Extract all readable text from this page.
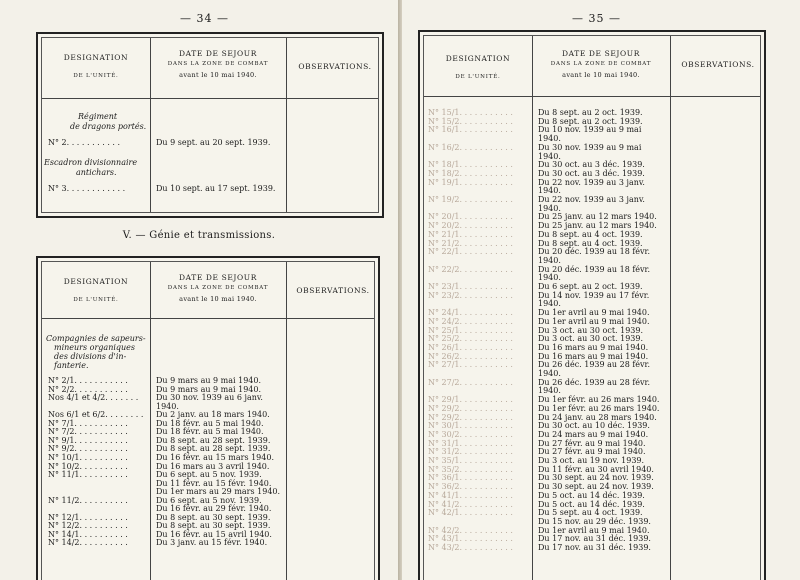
— 34 —
DESIGNATION
DE L'UNITÉ.
DATE DE SEJOUR
DANS LA ZONE DE COMBAT
avant le 10 mai 1940.
OBSERVATIONS.
Régiment
de dragons portés.
N° 2. . . . . . . . . . .	Du 9 sept. au 20 sept. 1939.
Escadron divisionnaire
antichars.
N° 3. . . . . . . . . . . .	Du 10 sept. au 17 sept. 1939.
V. — Génie et transmissions.
DESIGNATION
DE L'UNITÉ.
DATE DE SEJOUR
DANS LA ZONE DE COMBAT
avant le 10 mai 1940.
OBSERVATIONS.
Compagnies de sapeurs-
mineurs organiques
des divisions d'in-
fanterie.
N° 2/1. . . . . . . . . . .	Du 9 mars au 9 mai 1940.
N° 2/2. . . . . . . . . . .	Du 9 mars au 9 mai 1940.
Nos 4/1 et 4/2. . . . . . . Du 30 nov. 1939 au 6 janv.
1940.
Nos 6/1 et 6/2. . . . . . . . Du 2 janv. au 18 mars 1940.
N° 7/1. . . . . . . . . . .	Du 18 févr. au 5 mai 1940.
N° 7/2. . . . . . . . . . .	Du 18 févr. au 5 mai 1940.
N° 9/1. . . . . . . . . . .	Du 8 sept. au 28 sept. 1939.
N° 9/2. . . . . . . . . . .	Du 8 sept. au 28 sept. 1939.
N° 10/1. . . . . . . . . .	Du 16 févr. au 15 mars 1940.
N° 10/2. . . . . . . . . .	Du 16 mars au 3 avril 1940.
N° 11/1. . . . . . . . . .	Du 6 sept. au 5 nov. 1939.
Du 11 févr. au 15 févr. 1940.
Du 1er mars au 29 mars 1940.
N° 11/2. . . . . . . . . .	Du 6 sept. au 5 nov. 1939.
Du 16 févr. au 29 févr. 1940.
N° 12/1. . . . . . . . . .	Du 8 sept. au 30 sept. 1939.
N° 12/2. . . . . . . . . .	Du 8 sept. au 30 sept. 1939.
N° 14/1. . . . . . . . . .	Du 16 févr. au 15 avril 1940.
N° 14/2. . . . . . . . . .	Du 3 janv. au 15 févr. 1940.
— 35 —
DESIGNATION
DE L'UNITÉ.
DATE DE SEJOUR
DANS LA ZONE DE COMBAT
avant le 10 mai 1940.
OBSERVATIONS.
N° 15/1. . . . . . . . . . .	Du 8 sept. au 2 oct. 1939.
N° 15/2. . . . . . . . . . .	Du 8 sept. au 2 oct. 1939.
N° 16/1. . . . . . . . . . .	Du 10 nov. 1939 au 9 mai
1940.
N° 16/2. . . . . . . . . . .	Du 30 nov. 1939 au 9 mai
1940.
N° 18/1. . . . . . . . . . .	Du 30 oct. au 3 déc. 1939.
N° 18/2. . . . . . . . . . .	Du 30 oct. au 3 déc. 1939.
N° 19/1. . . . . . . . . . .	Du 22 nov. 1939 au 3 janv.
1940.
N° 19/2. . . . . . . . . . .	Du 22 nov. 1939 au 3 janv.
1940.
N° 20/1. . . . . . . . . . .	Du 25 janv. au 12 mars 1940.
N° 20/2. . . . . . . . . . .	Du 25 janv. au 12 mars 1940.
N° 21/1. . . . . . . . . . .	Du 8 sept. au 4 oct. 1939.
N° 21/2. . . . . . . . . . .	Du 8 sept. au 4 oct. 1939.
N° 22/1. . . . . . . . . . .	Du 20 déc. 1939 au 18 févr.
1940.
N° 22/2. . . . . . . . . . .	Du 20 déc. 1939 au 18 févr.
1940.
N° 23/1. . . . . . . . . . .	Du 6 sept. au 2 oct. 1939.
N° 23/2. . . . . . . . . . .	Du 14 nov. 1939 au 17 févr.
1940.
N° 24/1. . . . . . . . . . .	Du 1er avril au 9 mai 1940.
N° 24/2. . . . . . . . . . .	Du 1er avril au 9 mai 1940.
N° 25/1. . . . . . . . . . .	Du 3 oct. au 30 oct. 1939.
N° 25/2. . . . . . . . . . .	Du 3 oct. au 30 oct. 1939.
N° 26/1. . . . . . . . . . .	Du 16 mars au 9 mai 1940.
N° 26/2. . . . . . . . . . .	Du 16 mars au 9 mai 1940.
N° 27/1. . . . . . . . . . .	Du 26 déc. 1939 au 28 févr.
1940.
N° 27/2. . . . . . . . . . .	Du 26 déc. 1939 au 28 févr.
1940.
N° 29/1. . . . . . . . . . .	Du 1er févr. au 26 mars 1940.
N° 29/2. . . . . . . . . . .	Du 1er févr. au 26 mars 1940.
N° 29/2. . . . . . . . . . .	Du 24 janv. au 28 mars 1940.
N° 30/1. . . . . . . . . . .	Du 30 oct. au 10 déc. 1939.
N° 30/2. . . . . . . . . . .	Du 24 mars au 9 mai 1940.
N° 31/1. . . . . . . . . . .	Du 27 févr. au 9 mai 1940.
N° 31/2. . . . . . . . . . .	Du 27 févr. au 9 mai 1940.
N° 35/1. . . . . . . . . . .	Du 3 oct. au 19 nov. 1939.
N° 35/2. . . . . . . . . . .	Du 11 févr. au 30 avril 1940.
N° 36/1. . . . . . . . . . .	Du 30 sept. au 24 nov. 1939.
N° 36/2. . . . . . . . . . .	Du 30 sept. au 24 nov. 1939.
N° 41/1. . . . . . . . . . .	Du 5 oct. au 14 déc. 1939.
N° 41/2. . . . . . . . . . .	Du 5 oct. au 14 déc. 1939.
N° 42/1. . . . . . . . . . .	Du 5 sept. au 4 oct. 1939.
Du 15 nov. au 29 déc. 1939.
N° 42/2. . . . . . . . . . .	Du 1er avril au 9 mai 1940.
N° 43/1. . . . . . . . . . .	Du 17 nov. au 31 déc. 1939.
N° 43/2. . . . . . . . . . .	Du 17 nov. au 31 déc. 1939.
